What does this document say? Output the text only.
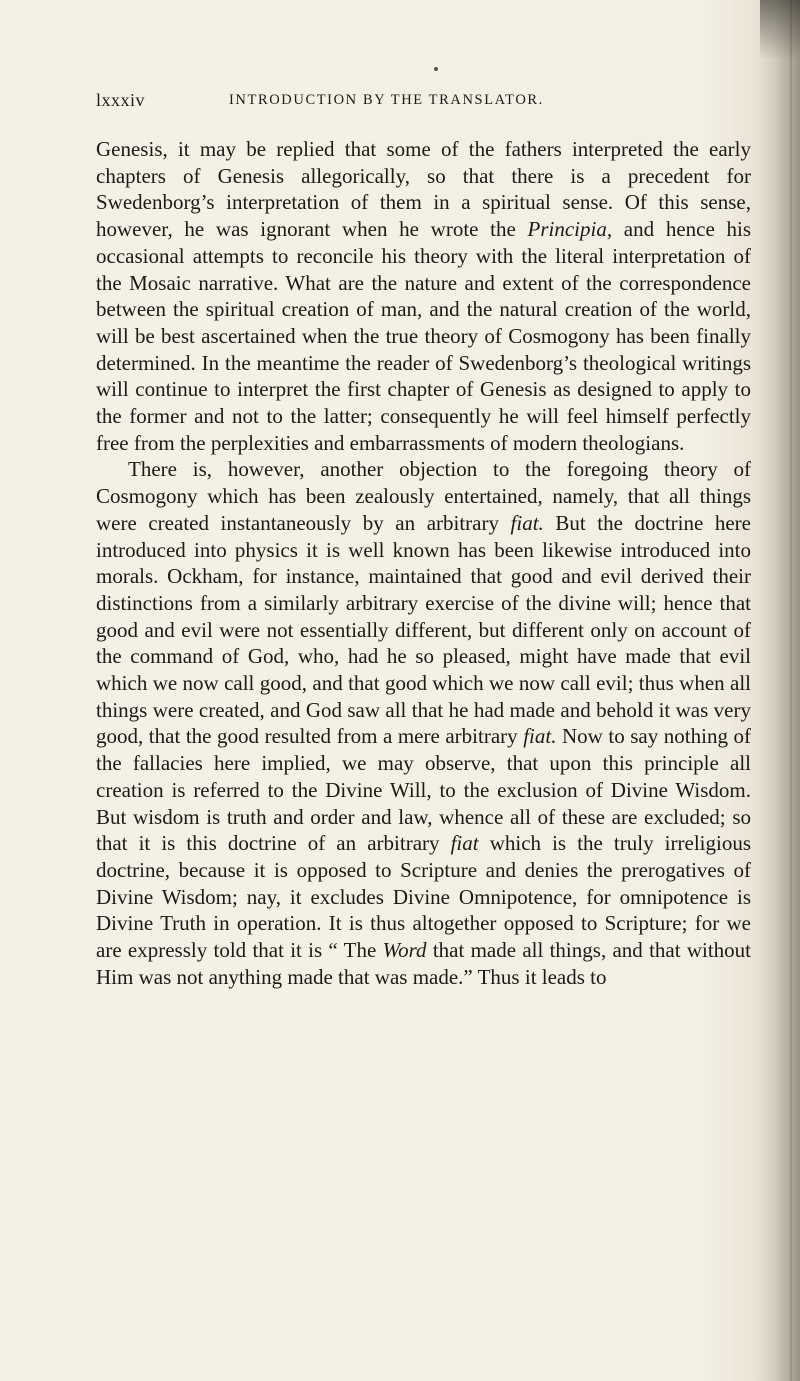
lxxxiv	INTRODUCTION BY THE TRANSLATOR.

Genesis, it may be replied that some of the fathers interpreted the early chapters of Genesis allegorically, so that there is a precedent for Swedenborg’s interpretation of them in a spiritual sense. Of this sense, however, he was ignorant when he wrote the Principia, and hence his occasional attempts to reconcile his theory with the literal interpretation of the Mosaic narrative. What are the nature and extent of the correspondence between the spiritual creation of man, and the natural creation of the world, will be best ascertained when the true theory of Cosmogony has been finally determined. In the meantime the reader of Swedenborg’s theological writings will continue to interpret the first chapter of Genesis as designed to apply to the former and not to the latter; consequently he will feel himself perfectly free from the perplexities and embarrassments of modern theologians.

There is, however, another objection to the foregoing theory of Cosmogony which has been zealously entertained, namely, that all things were created instantaneously by an arbitrary fiat. But the doctrine here introduced into physics it is well known has been likewise introduced into morals. Ockham, for instance, maintained that good and evil derived their distinctions from a similarly arbitrary exercise of the divine will; hence that good and evil were not essentially different, but different only on account of the command of God, who, had he so pleased, might have made that evil which we now call good, and that good which we now call evil; thus when all things were created, and God saw all that he had made and behold it was very good, that the good resulted from a mere arbitrary fiat. Now to say nothing of the fallacies here implied, we may observe, that upon this principle all creation is referred to the Divine Will, to the exclusion of Divine Wisdom. But wisdom is truth and order and law, whence all of these are excluded; so that it is this doctrine of an arbitrary fiat which is the truly irreligious doctrine, because it is opposed to Scripture and denies the prerogatives of Divine Wisdom; nay, it excludes Divine Omnipotence, for omnipotence is Divine Truth in operation. It is thus altogether opposed to Scripture; for we are expressly told that it is “ The Word that made all things, and that without Him was not anything made that was made.” Thus it leads to
